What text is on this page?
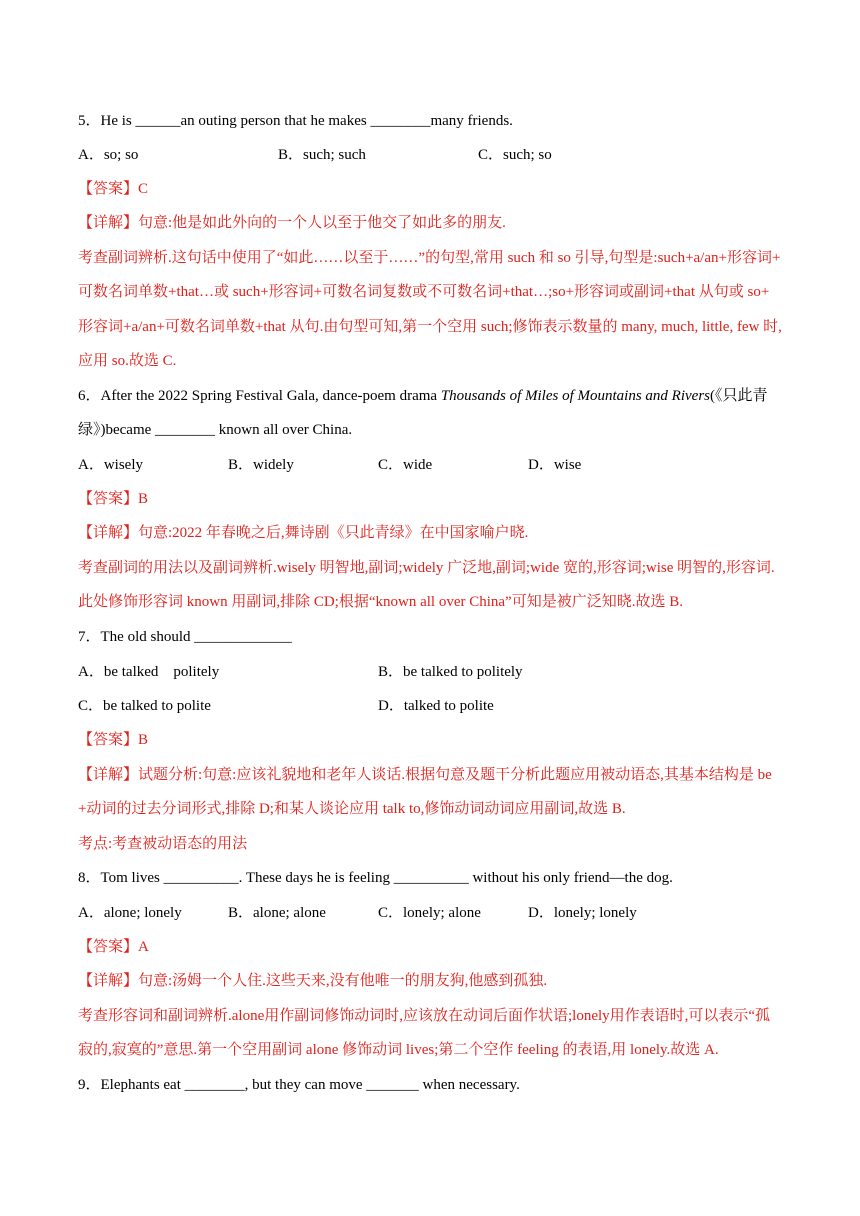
5．He is ______an outing person that he makes ________many friends.
A．so; so	B．such; such	C．such; so
【答案】C
【详解】句意:他是如此外向的一个人以至于他交了如此多的朋友.
考查副词辨析.这句话中使用了“如此……以至于……”的句型,常用 such 和 so 引导,句型是:such+a/an+形容词+
可数名词单数+that…或 such+形容词+可数名词复数或不可数名词+that…;so+形容词或副词+that 从句或 so+
形容词+a/an+可数名词单数+that 从句.由句型可知,第一个空用 such;修饰表示数量的 many, much, little, few 时,
应用 so.故选 C.
6．After the 2022 Spring Festival Gala, dance-poem drama Thousands of Miles of Mountains and Rivers(《只此青
绿》)became ________ known all over China.
A．wisely	B．widely	C．wide	D．wise
【答案】B
【详解】句意:2022 年春晚之后,舞诗剧《只此青绿》在中国家喻户晓.
考查副词的用法以及副词辨析.wisely 明智地,副词;widely 广泛地,副词;wide 宽的,形容词;wise 明智的,形容词.
此处修饰形容词 known 用副词,排除 CD;根据“known all over China”可知是被广泛知晓.故选 B.
7．The old should _____________
A．be talked    politely	B．be talked to politely
C．be talked to polite	D．talked to polite
【答案】B
【详解】试题分析:句意:应该礼貌地和老年人谈话.根据句意及题干分析此题应用被动语态,其基本结构是 be
+动词的过去分词形式,排除 D;和某人谈论应用 talk to,修饰动词动词应用副词,故选 B.
考点:考查被动语态的用法
8．Tom lives __________. These days he is feeling __________ without his only friend—the dog.
A．alone; lonely	B．alone; alone	C．lonely; alone	D．lonely; lonely
【答案】A
【详解】句意:汤姆一个人住.这些天来,没有他唯一的朋友狗,他感到孤独.
考查形容词和副词辨析.alone用作副词修饰动词时,应该放在动词后面作状语;lonely用作表语时,可以表示“孤
寂的,寂寞的”意思.第一个空用副词 alone 修饰动词 lives;第二个空作 feeling 的表语,用 lonely.故选 A.
9．Elephants eat ________, but they can move _______ when necessary.
